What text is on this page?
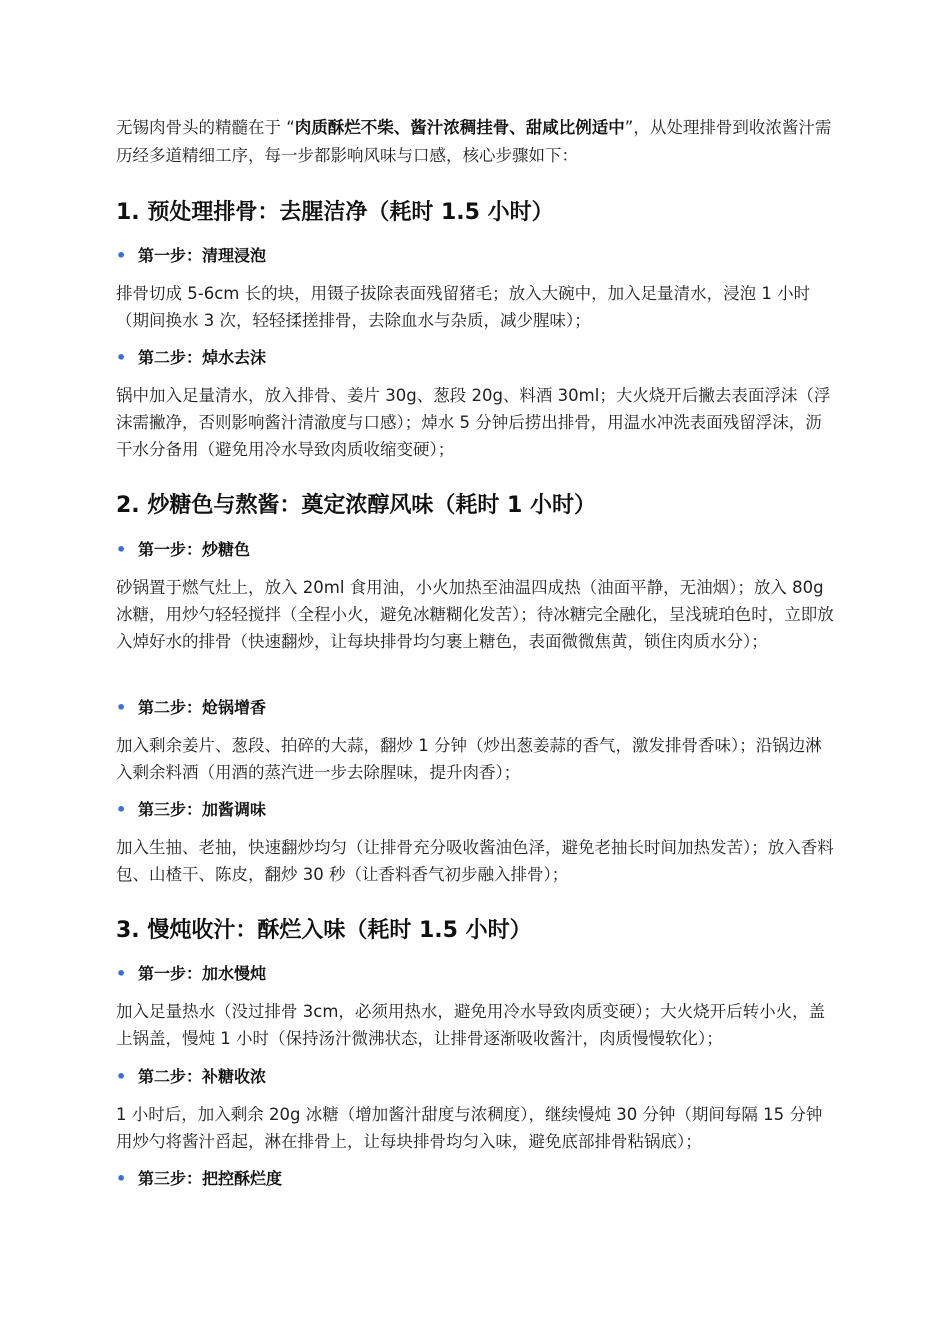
无锡肉骨头的精髓在于 “肉质酥烂不柴、酱汁浓稠挂骨、甜咸比例适中”，从处理排骨到收浓酱汁需历经多道精细工序，每一步都影响风味与口感，核心步骤如下：

1. 预处理排骨：去腥洁净（耗时 1.5 小时）
• 第一步：清理浸泡

排骨切成 5-6cm 长的块，用镊子拔除表面残留猪毛；放入大碗中，加入足量清水，浸泡 1 小时（期间换水 3 次，轻轻揉搓排骨，去除血水与杂质，减少腥味）；

• 第二步：焯水去沫

锅中加入足量清水，放入排骨、姜片 30g、葱段 20g、料酒 30ml；大火烧开后撇去表面浮沫（浮沫需撇净，否则影响酱汁清澈度与口感）；焯水 5 分钟后捞出排骨，用温水冲洗表面残留浮沫，沥干水分备用（避免用冷水导致肉质收缩变硬）；

2. 炒糖色与熬酱：奠定浓醇风味（耗时 1 小时）
• 第一步：炒糖色

砂锅置于燃气灶上，放入 20ml 食用油，小火加热至油温四成热（油面平静，无油烟）；放入 80g 冰糖，用炒勺轻轻搅拌（全程小火，避免冰糖糊化发苦）；待冰糖完全融化，呈浅琥珀色时，立即放入焯好水的排骨（快速翻炒，让每块排骨均匀裹上糖色，表面微微焦黄，锁住肉质水分）；

• 第二步：炝锅增香

加入剩余姜片、葱段、拍碎的大蒜，翻炒 1 分钟（炒出葱姜蒜的香气，激发排骨香味）；沿锅边淋入剩余料酒（用酒的蒸汽进一步去除腥味，提升肉香）；

• 第三步：加酱调味

加入生抽、老抽，快速翻炒均匀（让排骨充分吸收酱油色泽，避免老抽长时间加热发苦）；放入香料包、山楂干、陈皮，翻炒 30 秒（让香料香气初步融入排骨）；

3. 慢炖收汁：酥烂入味（耗时 1.5 小时）
• 第一步：加水慢炖

加入足量热水（没过排骨 3cm，必须用热水，避免用冷水导致肉质变硬）；大火烧开后转小火，盖上锅盖，慢炖 1 小时（保持汤汁微沸状态，让排骨逐渐吸收酱汁，肉质慢慢软化）；

• 第二步：补糖收浓

1 小时后，加入剩余 20g 冰糖（增加酱汁甜度与浓稠度），继续慢炖 30 分钟（期间每隔 15 分钟用炒勺将酱汁舀起，淋在排骨上，让每块排骨均匀入味，避免底部排骨粘锅底）；

• 第三步：把控酥烂度
